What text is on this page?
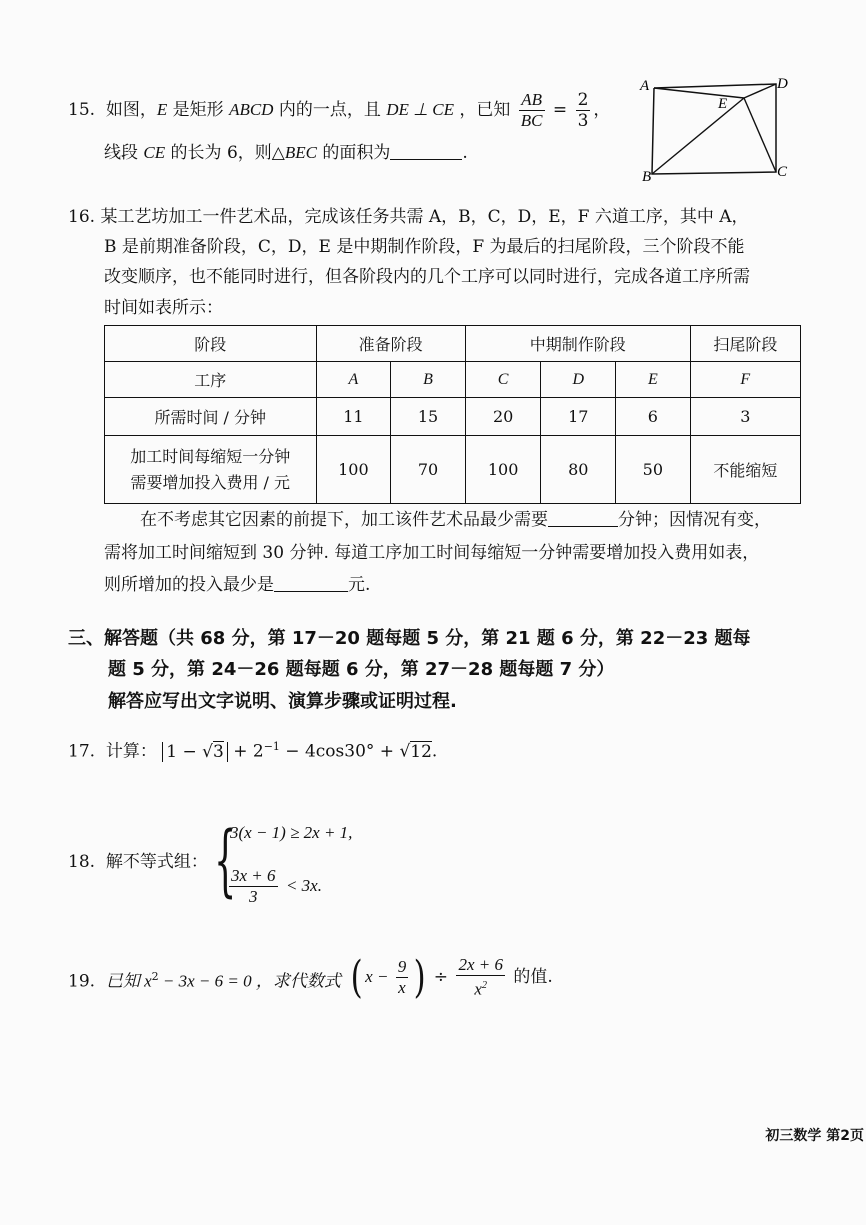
15. 如图，E 是矩形 ABCD 内的一点，且 DE ⊥ CE ，已知 $\frac{AB}{BC} = \frac{2}{3}$ ，
线段 CE 的长为 6，则△BEC 的面积为	.
A	D
E
B	C
16. 某工艺坊加工一件艺术品，完成该任务共需 A，B，C，D，E，F 六道工序，其中 A，
B 是前期准备阶段，C，D，E 是中期制作阶段，F 为最后的扫尾阶段，三个阶段不能
改变顺序，也不能同时进行，但各阶段内的几个工序可以同时进行，完成各道工序所需
时间如表所示：
阶段	准备阶段		中期制作阶段			扫尾阶段
工序	A	B	C	D	E	F
所需时间 / 分钟	11	15	20	17	6	3
加工时间每缩短一分钟
需要增加投入费用 / 元	100	70	100	80	50	不能缩短
在不考虑其它因素的前提下，加工该件艺术品最少需要	分钟；因情况有变，
需将加工时间缩短到 30 分钟. 每道工序加工时间每缩短一分钟需要增加投入费用如表，
则所增加的投入最少是	元.
三、解答题（共 68 分，第 17－20 题每题 5 分，第 21 题 6 分，第 22－23 题每
题 5 分，第 24－26 题每题 6 分，第 27－28 题每题 7 分）
解答应写出文字说明、演算步骤或证明过程.
17. 计算： $1 - √3 + 2^{-1} - 4\cos 30^\circ + √12$.
18. 解不等式组： {
3(x − 1) ≥ 2x + 1,
$\frac{3x + 6}{3} < 3x$.
19. 已知 $x^2 - 3x - 6 = 0$ ，求代数式 ( $x - \frac{9}{x}$ ) ÷ $\frac{2x + 6}{x^2}$ 的值.
初三数学 第2页
